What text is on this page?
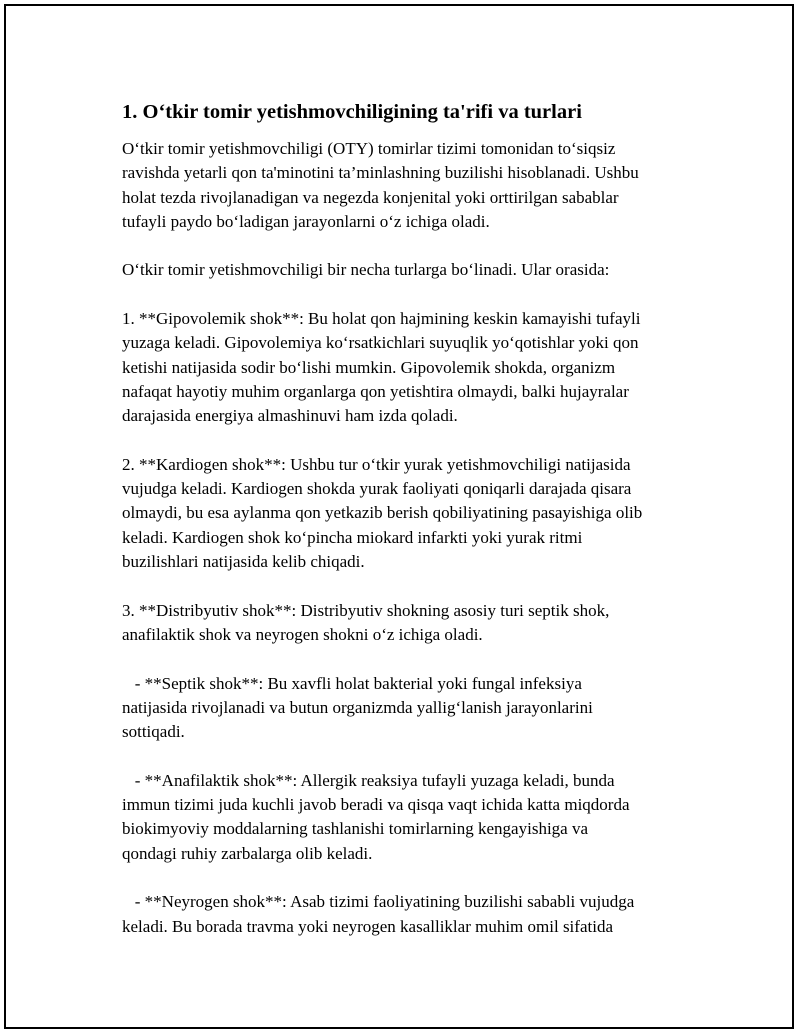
1. O‘tkir tomir yetishmovchiligining ta'rifi va turlari
O‘tkir tomir yetishmovchiligi (OTY) tomirlar tizimi tomonidan to‘siqsiz
ravishda yetarli qon ta'minotini ta’minlashning buzilishi hisoblanadi. Ushbu
holat tezda rivojlanadigan va negezda konjenital yoki orttirilgan sabablar
tufayli paydo bo‘ladigan jarayonlarni o‘z ichiga oladi.
O‘tkir tomir yetishmovchiligi bir necha turlarga bo‘linadi. Ular orasida:
1. **Gipovolemik shok**: Bu holat qon hajmining keskin kamayishi tufayli
yuzaga keladi. Gipovolemiya ko‘rsatkichlari suyuqlik yo‘qotishlar yoki qon
ketishi natijasida sodir bo‘lishi mumkin. Gipovolemik shokda, organizm
nafaqat hayotiy muhim organlarga qon yetishtira olmaydi, balki hujayralar
darajasida energiya almashinuvi ham izda qoladi.
2. **Kardiogen shok**: Ushbu tur o‘tkir yurak yetishmovchiligi natijasida
vujudga keladi. Kardiogen shokda yurak faoliyati qoniqarli darajada qisara
olmaydi, bu esa aylanma qon yetkazib berish qobiliyatining pasayishiga olib
keladi. Kardiogen shok ko‘pincha miokard infarkti yoki yurak ritmi
buzilishlari natijasida kelib chiqadi.
3. **Distribyutiv shok**: Distribyutiv shokning asosiy turi septik shok,
anafilaktik shok va neyrogen shokni o‘z ichiga oladi.
- **Septik shok**: Bu xavfli holat bakterial yoki fungal infeksiya
natijasida rivojlanadi va butun organizmda yallig‘lanish jarayonlarini
sottiqadi.
- **Anafilaktik shok**: Allergik reaksiya tufayli yuzaga keladi, bunda
immun tizimi juda kuchli javob beradi va qisqa vaqt ichida katta miqdorda
biokimyoviy moddalarning tashlanishi tomirlarning kengayishiga va
qondagi ruhiy zarbalarga olib keladi.
- **Neyrogen shok**: Asab tizimi faoliyatining buzilishi sababli vujudga
keladi. Bu borada travma yoki neyrogen kasalliklar muhim omil sifatida
